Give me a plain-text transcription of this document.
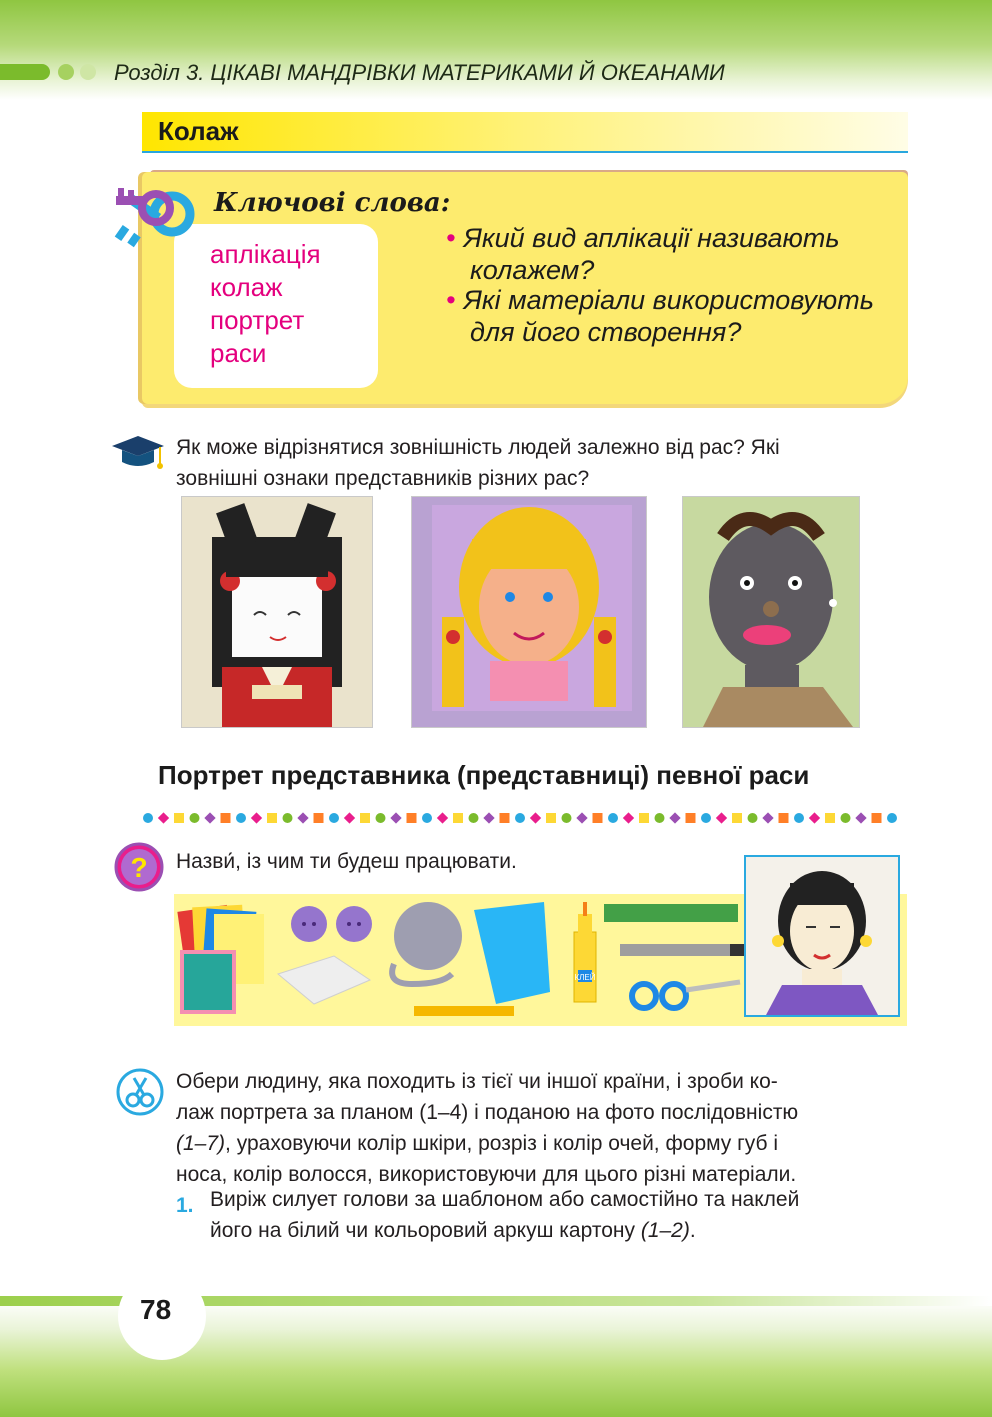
Розділ 3. ЦІКАВІ МАНДРІВКИ МАТЕРИКАМИ Й ОКЕАНАМИ
Колаж
Ключові слова:
аплікація
колаж
портрет
раси
• Який вид аплікації називають
колажем?
• Які матеріали використовують
для його створення?
Як може відрізнятися зовнішність людей залежно від рас? Які
зовнішні ознаки представників різних рас?
Портрет представника (представниці) певної раси
? Назви́, із чим ти будеш працювати.
КЛЕЙ
Обери людину, яка походить із тієї чи іншої країни, і зроби ко-
лаж портрета за планом (1–4) і поданою на фото послідовністю
(1–7), ураховуючи колір шкіри, розріз і колір очей, форму губ і
носа, колір волосся, використовуючи для цього різні матеріали.
1. Виріж силует голови за шаблоном або самостійно та наклей
його на білий чи кольоровий аркуш картону (1–2).
78
